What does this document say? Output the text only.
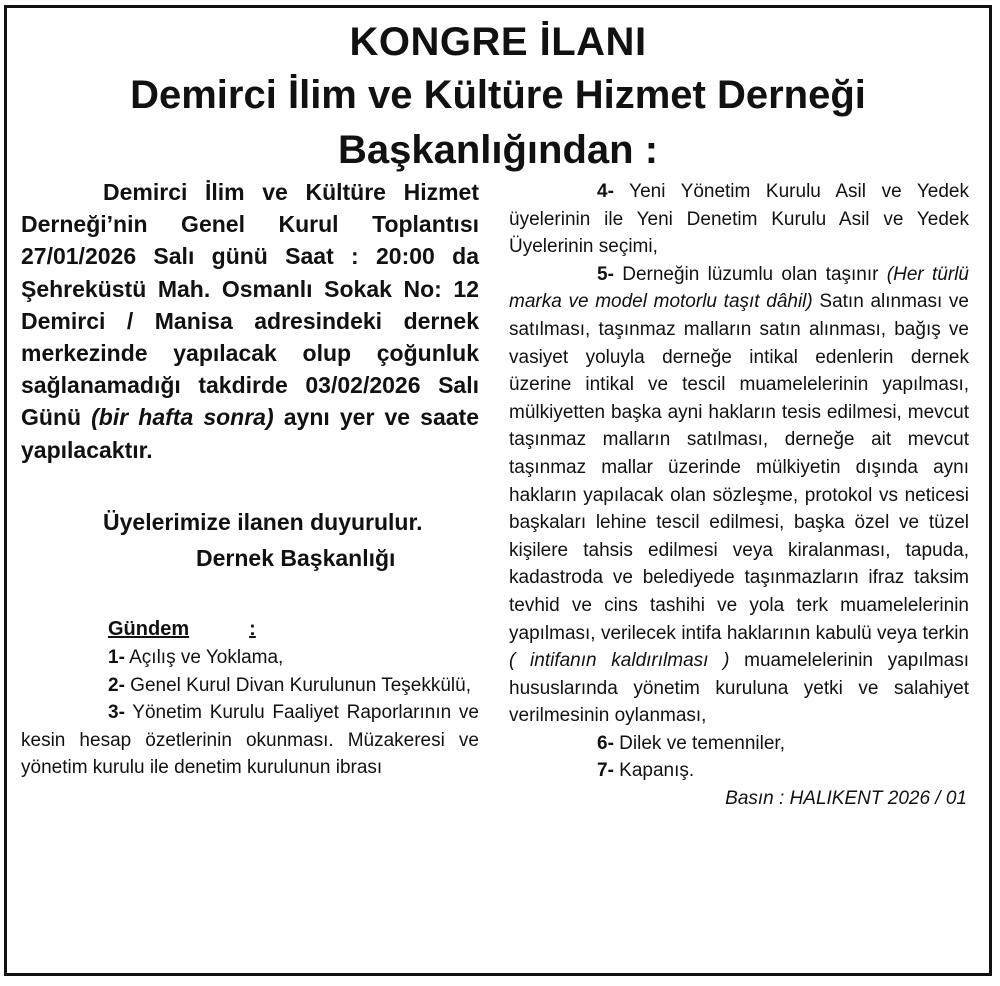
KONGRE İLANI
Demirci İlim ve Kültüre Hizmet Derneği
Başkanlığından :

Demirci İlim ve Kültüre Hizmet Derneği’nin Genel Kurul Toplantısı 27/01/2026 Salı günü Saat : 20:00 da Şehreküstü Mah. Osmanlı Sokak No: 12 Demirci / Manisa adresindeki dernek merkezinde yapılacak olup çoğunluk sağlanamadığı takdirde 03/02/2026 Salı Günü (bir hafta sonra) aynı yer ve saate yapılacaktır.

Üyelerimize ilanen duyurulur.

Dernek Başkanlığı

Gündem	:

1- Açılış ve Yoklama,

2- Genel Kurul Divan Kurulunun Teşekkülü,

3- Yönetim Kurulu Faaliyet Raporlarının ve kesin hesap özetlerinin okunması. Müzakeresi ve yönetim kurulu ile denetim kurulunun ibrası

4- Yeni Yönetim Kurulu Asil ve Yedek üyelerinin ile Yeni Denetim Kurulu Asil ve Yedek Üyelerinin seçimi,

5- Derneğin lüzumlu olan taşınır (Her türlü marka ve model motorlu taşıt dâhil) Satın alınması ve satılması, taşınmaz malların satın alınması, bağış ve vasiyet yoluyla derneğe intikal edenlerin dernek üzerine intikal ve tescil muamelelerinin yapılması, mülkiyetten başka ayni hakların tesis edilmesi, mevcut taşınmaz malların satılması, derneğe ait mevcut taşınmaz mallar üzerinde mülkiyetin dışında aynı hakların yapılacak olan sözleşme, protokol vs neticesi başkaları lehine tescil edilmesi, başka özel ve tüzel kişilere tahsis edilmesi veya kiralanması, tapuda, kadastroda ve belediyede taşınmazların ifraz taksim tevhid ve cins tashihi ve yola terk muamelelerinin yapılması, verilecek intifa haklarının kabulü veya terkin ( intifanın kaldırılması ) muamelelerinin yapılması hususlarında yönetim kuruluna yetki ve salahiyet verilmesinin oylanması,

6- Dilek ve temenniler,

7- Kapanış.

Basın : HALIKENT 2026 / 01
